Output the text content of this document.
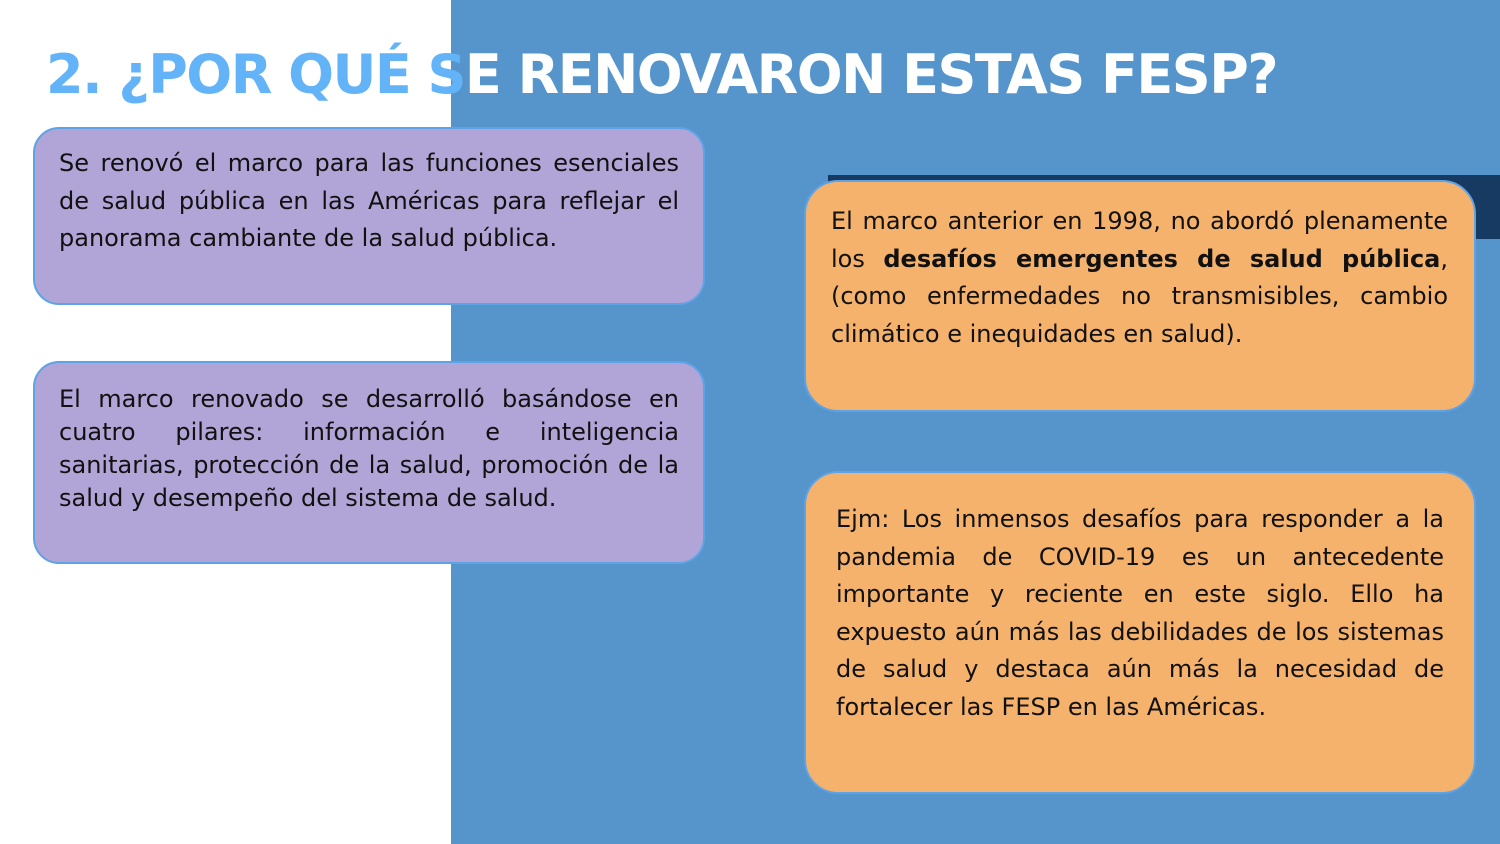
2. ¿POR QUÉ SE RENOVARON ESTAS FESP?
Se renovó el marco para las funciones esenciales de salud pública en las Américas para reflejar el panorama cambiante de la salud pública.
El marco renovado se desarrolló basándose en cuatro pilares: información e inteligencia sanitarias, protección de la salud, promoción de la salud y desempeño del sistema de salud.
El marco anterior en 1998, no abordó plenamente los desafíos emergentes de salud pública, (como enfermedades no transmisibles, cambio climático e inequidades en salud).
Ejm: Los inmensos desafíos para responder a la pandemia de COVID-19 es un antecedente importante y reciente en este siglo. Ello ha expuesto aún más las debilidades de los sistemas de salud y destaca aún más la necesidad de fortalecer las FESP en las Américas.
